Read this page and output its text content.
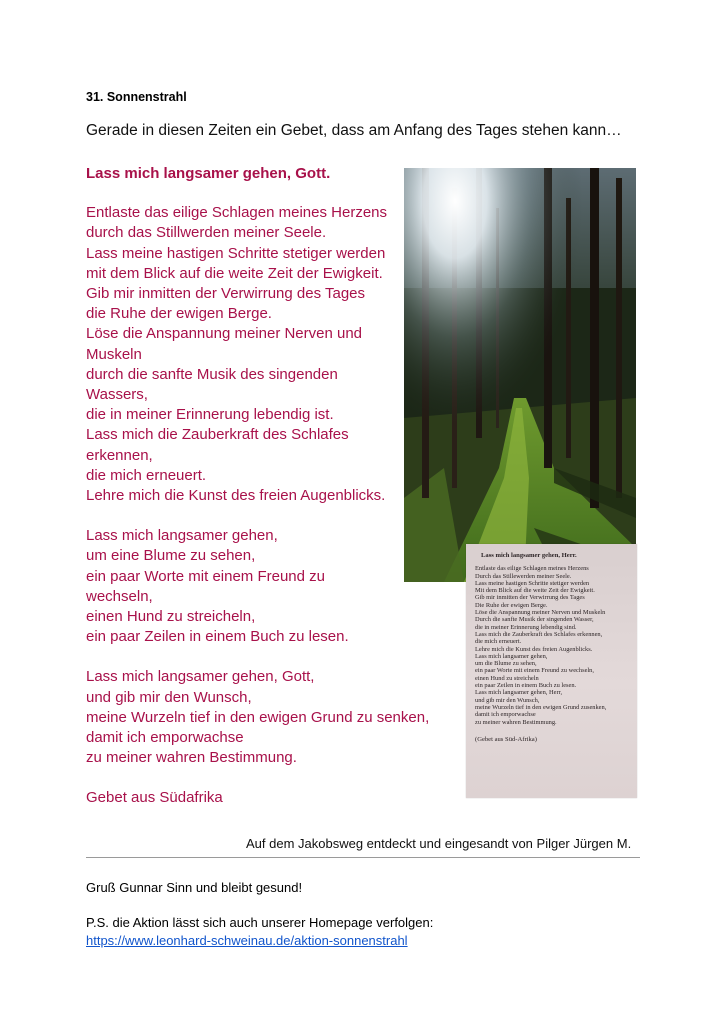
31. Sonnenstrahl
Gerade in diesen Zeiten ein Gebet, dass am Anfang des Tages stehen kann…
Lass mich langsamer gehen, Gott.
Entlaste das eilige Schlagen meines Herzens
durch das Stillwerden meiner Seele.
Lass meine hastigen Schritte stetiger werden
mit dem Blick auf die weite Zeit der Ewigkeit.
Gib mir inmitten der Verwirrung des Tages
die Ruhe der ewigen Berge.
Löse die Anspannung meiner Nerven und
Muskeln
durch die sanfte Musik des singenden
Wassers,
die in meiner Erinnerung lebendig ist.
Lass mich die Zauberkraft des Schlafes
erkennen,
die mich erneuert.
Lehre mich die Kunst des freien Augenblicks.
Lass mich langsamer gehen,
um eine Blume zu sehen,
ein paar Worte mit einem Freund zu
wechseln,
einen Hund zu streicheln,
ein paar Zeilen in einem Buch zu lesen.
Lass mich langsamer gehen, Gott,
und gib mir den Wunsch,
meine Wurzeln tief in den ewigen Grund zu senken,
damit ich emporwachse
zu meiner wahren Bestimmung.
Gebet aus Südafrika
Lass mich langsamer gehen, Herr.
Entlaste das eilige Schlagen meines Herzens
Durch das Stillewerden meiner Seele.
Lass meine hastigen Schritte stetiger werden
Mit dem Blick auf die weite Zeit der Ewigkeit.
Gib mir inmitten der Verwirrung des Tages
Die Ruhe der ewigen Berge.
Löse die Anspannung meiner Nerven und Muskeln
Durch die sanfte Musik der singenden Wasser,
die in meiner Erinnerung lebendig sind.
Lass mich die Zauberkraft des Schlafes erkennen,
die mich erneuert.
Lehre mich die Kunst des freien Augenblicks.
Lass mich langsamer gehen,
um die Blume zu sehen,
ein paar Worte mit einem Freund zu wechseln,
einen Hund zu streicheln
ein paar Zeilen in einem Buch zu lesen.
Lass mich langsamer gehen, Herr,
und gib mir den Wunsch,
meine Wurzeln tief in den ewigen Grund zusenken,
damit ich emporwachse
zu meiner wahren Bestimmung.
(Gebet aus Süd-Afrika)
Auf dem Jakobsweg entdeckt und eingesandt von Pilger Jürgen M.
Gruß Gunnar Sinn und bleibt gesund!
P.S. die Aktion lässt sich auch unserer Homepage verfolgen:
https://www.leonhard-schweinau.de/aktion-sonnenstrahl
